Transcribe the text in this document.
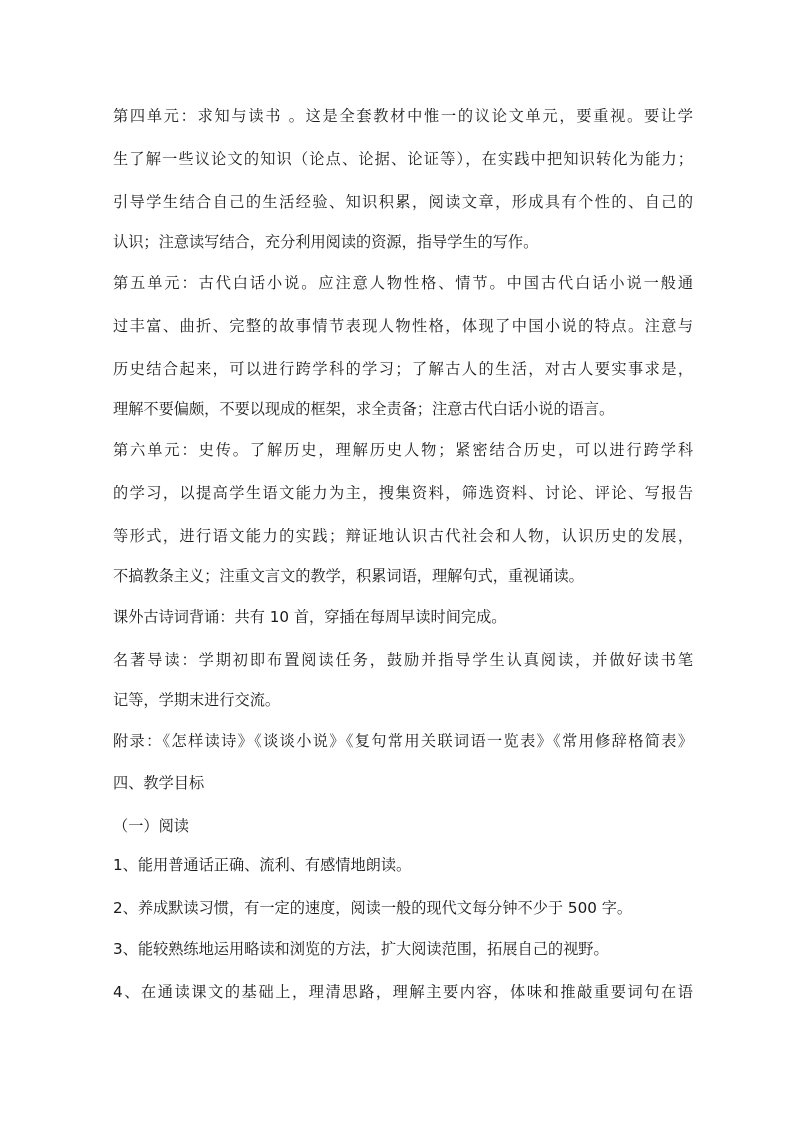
第四单元：求知与读书 。这是全套教材中惟一的议论文单元，要重视。要让学
生了解一些议论文的知识（论点、论据、论证等），在实践中把知识转化为能力；
引导学生结合自己的生活经验、知识积累，阅读文章，形成具有个性的、自己的
认识；注意读写结合，充分利用阅读的资源，指导学生的写作。
第五单元：古代白话小说。应注意人物性格、情节。中国古代白话小说一般通
过丰富、曲折、完整的故事情节表现人物性格，体现了中国小说的特点。注意与
历史结合起来，可以进行跨学科的学习；了解古人的生活，对古人要实事求是，
理解不要偏颇，不要以现成的框架，求全责备；注意古代白话小说的语言。
第六单元：史传。了解历史，理解历史人物；紧密结合历史，可以进行跨学科
的学习，以提高学生语文能力为主，搜集资料，筛选资料、讨论、评论、写报告
等形式，进行语文能力的实践；辩证地认识古代社会和人物，认识历史的发展，
不搞教条主义；注重文言文的教学，积累词语，理解句式，重视诵读。
课外古诗词背诵：共有 10 首，穿插在每周早读时间完成。
名著导读：学期初即布置阅读任务，鼓励并指导学生认真阅读，并做好读书笔
记等，学期末进行交流。
附录：《怎样读诗》《谈谈小说》《复句常用关联词语一览表》《常用修辞格简表》
四、教学目标
（一）阅读
1、能用普通话正确、流利、有感情地朗读。
2、养成默读习惯，有一定的速度，阅读一般的现代文每分钟不少于 500 字。
3、能较熟练地运用略读和浏览的方法，扩大阅读范围，拓展自己的视野。
4、在通读课文的基础上，理清思路，理解主要内容，体味和推敲重要词句在语
